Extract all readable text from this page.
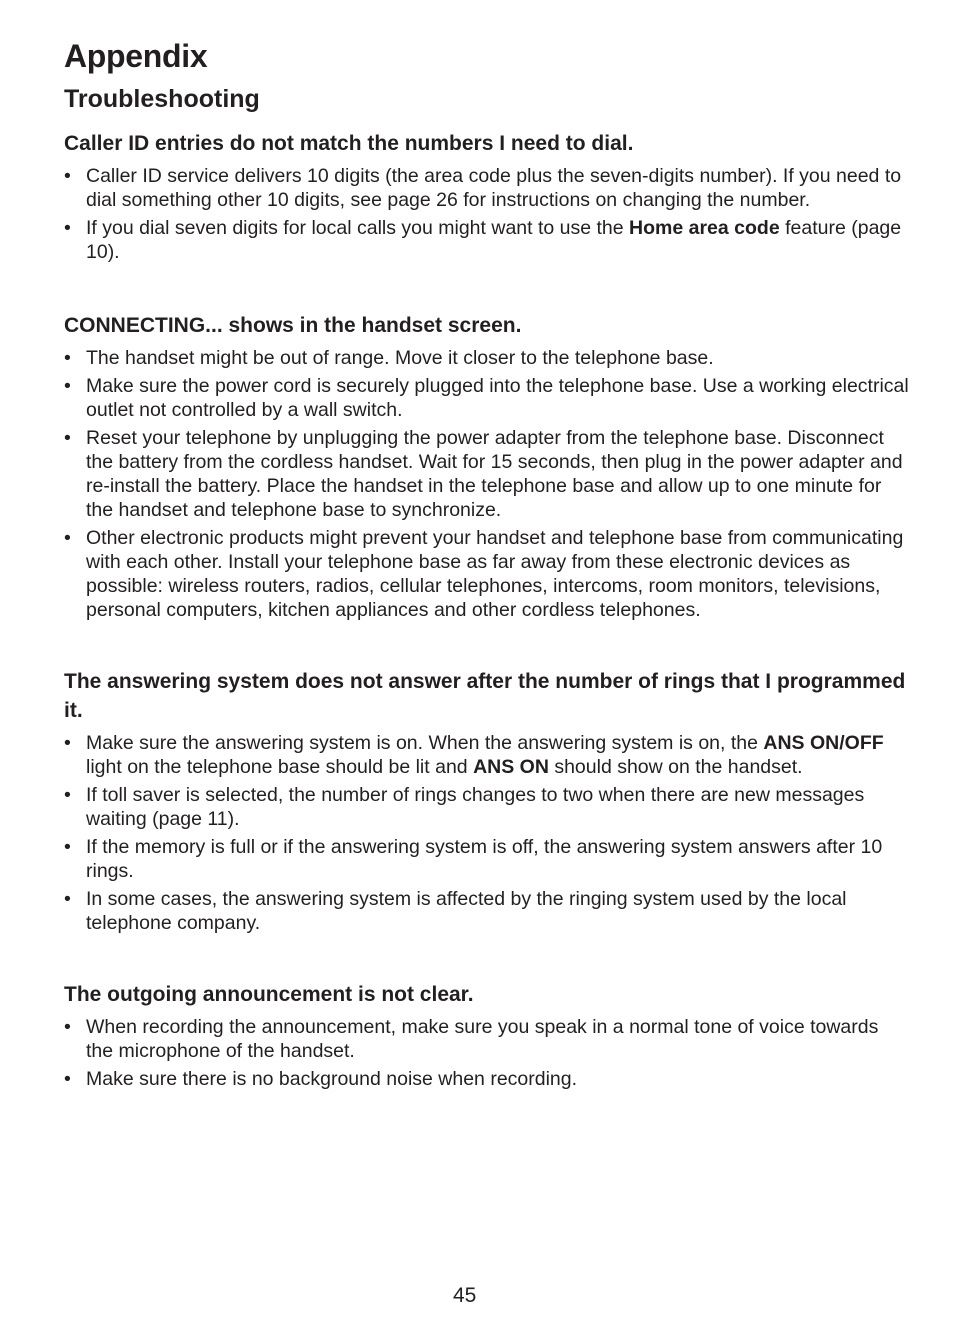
Appendix
Troubleshooting
Caller ID entries do not match the numbers I need to dial.
• Caller ID service delivers 10 digits (the area code plus the seven-digits number). If you need to dial something other 10 digits, see page 26 for instructions on changing the number.
• If you dial seven digits for local calls you might want to use the Home area code feature (page 10).
CONNECTING... shows in the handset screen.
• The handset might be out of range. Move it closer to the telephone base.
• Make sure the power cord is securely plugged into the telephone base. Use a working electrical outlet not controlled by a wall switch.
• Reset your telephone by unplugging the power adapter from the telephone base. Disconnect the battery from the cordless handset. Wait for 15 seconds, then plug in the power adapter and re-install the battery. Place the handset in the telephone base and allow up to one minute for the handset and telephone base to synchronize.
• Other electronic products might prevent your handset and telephone base from communicating with each other. Install your telephone base as far away from these electronic devices as possible: wireless routers, radios, cellular telephones, intercoms, room monitors, televisions, personal computers, kitchen appliances and other cordless telephones.
The answering system does not answer after the number of rings that I programmed it.
• Make sure the answering system is on. When the answering system is on, the ANS ON/OFF light on the telephone base should be lit and ANS ON should show on the handset.
• If toll saver is selected, the number of rings changes to two when there are new messages waiting (page 11).
• If the memory is full or if the answering system is off, the answering system answers after 10 rings.
• In some cases, the answering system is affected by the ringing system used by the local telephone company.
The outgoing announcement is not clear.
• When recording the announcement, make sure you speak in a normal tone of voice towards the microphone of the handset.
• Make sure there is no background noise when recording.
45
